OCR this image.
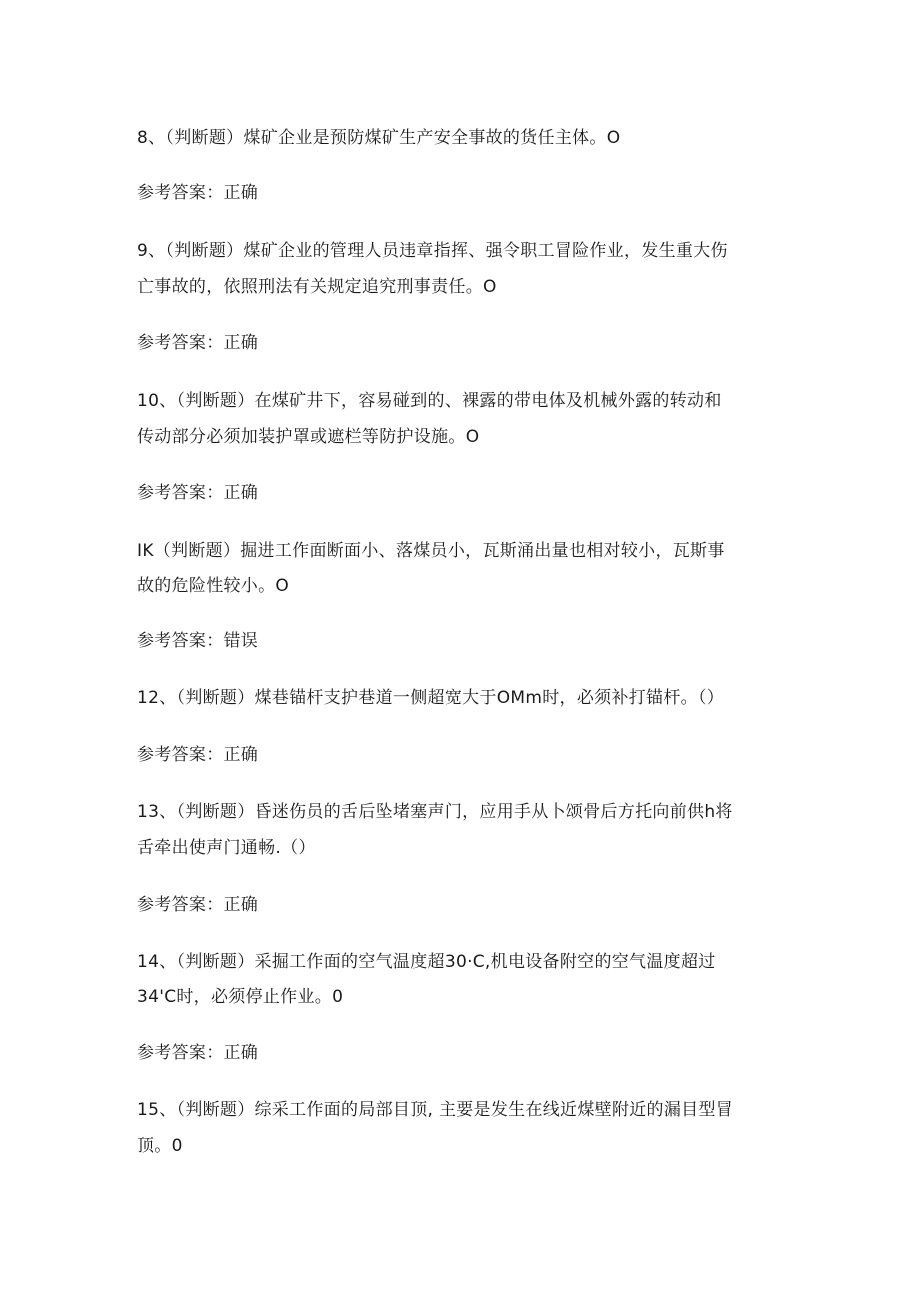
8、（判断题）煤矿企业是预防煤矿生产安全事故的货任主体。O
参考答案：正确
9、（判断题）煤矿企业的管理人员违章指挥、强令职工冒险作业，发生重大伤
亡事故的，依照刑法有关规定追究刑事责任。O
参考答案：正确
10、（判断题）在煤矿井下，容易碰到的、裸露的带电体及机械外露的转动和
传动部分必须加装护罩或遮栏等防护设施。O
参考答案：正确
IK（判断题）掘进工作面断面小、落煤员小，瓦斯涌出量也相对较小，瓦斯事
故的危险性较小。O
参考答案：错误
12、（判断题）煤巷锚杆支护巷道一侧超宽大于OMm时，必须补打锚杆。（）
参考答案：正确
13、（判断题）昏迷伤员的舌后坠堵塞声门，应用手从卜颂骨后方托向前供h将
舌牵出使声门通畅.（）
参考答案：正确
14、（判断题）采掘工作面的空气温度超30·C,机电设备附空的空气温度超过
34'C时，必须停止作业。0
参考答案：正确
15、（判断题）综采工作面的局部目顶, 主要是发生在线近煤壁附近的漏目型冒
顶。0
